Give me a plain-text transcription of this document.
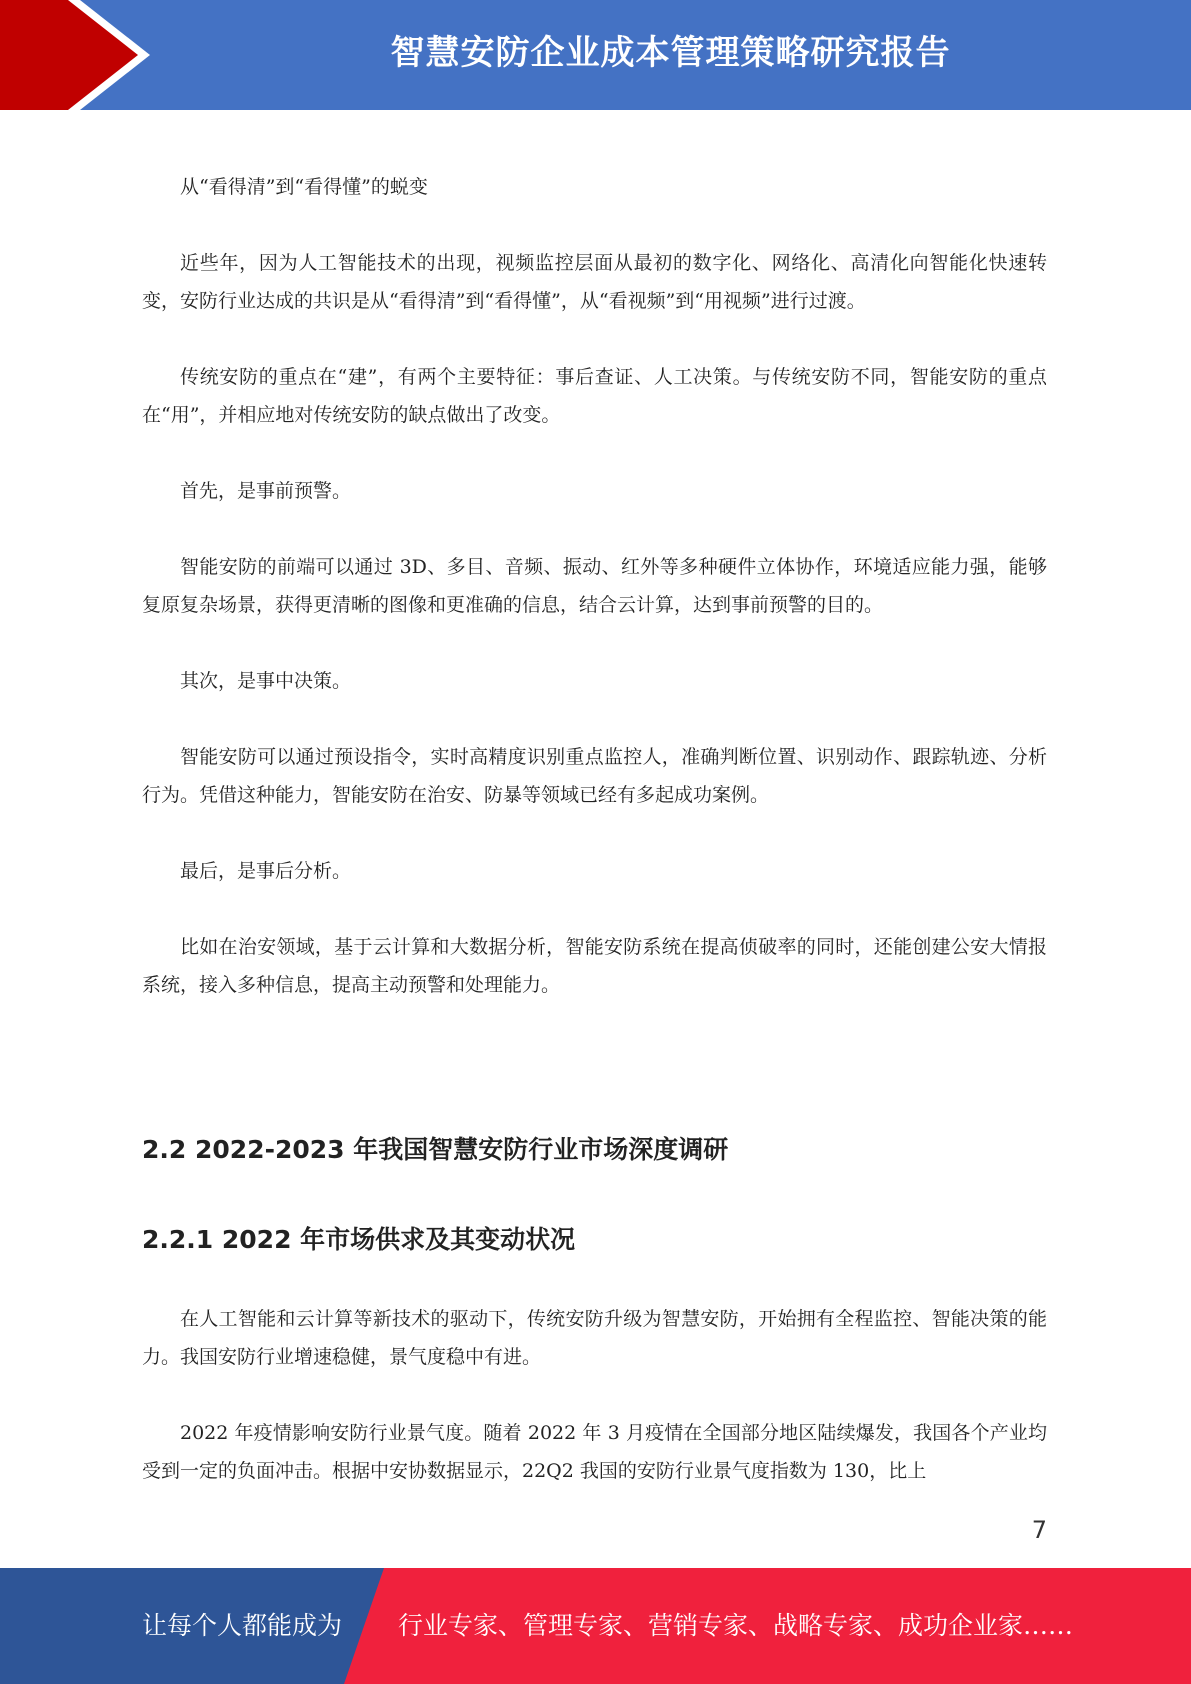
智慧安防企业成本管理策略研究报告

从“看得清”到“看得懂”的蜕变

近些年，因为人工智能技术的出现，视频监控层面从最初的数字化、网络化、高清化向智能化快速转变，安防行业达成的共识是从“看得清”到“看得懂”，从“看视频”到“用视频”进行过渡。

传统安防的重点在“建”，有两个主要特征：事后查证、人工决策。与传统安防不同，智能安防的重点在“用”，并相应地对传统安防的缺点做出了改变。

首先，是事前预警。

智能安防的前端可以通过 3D、多目、音频、振动、红外等多种硬件立体协作，环境适应能力强，能够复原复杂场景，获得更清晰的图像和更准确的信息，结合云计算，达到事前预警的目的。

其次，是事中决策。

智能安防可以通过预设指令，实时高精度识别重点监控人，准确判断位置、识别动作、跟踪轨迹、分析行为。凭借这种能力，智能安防在治安、防暴等领域已经有多起成功案例。

最后，是事后分析。

比如在治安领域，基于云计算和大数据分析，智能安防系统在提高侦破率的同时，还能创建公安大情报系统，接入多种信息，提高主动预警和处理能力。

2.2 2022-2023 年我国智慧安防行业市场深度调研
2.2.1 2022 年市场供求及其变动状况

在人工智能和云计算等新技术的驱动下，传统安防升级为智慧安防，开始拥有全程监控、智能决策的能力。我国安防行业增速稳健，景气度稳中有进。

2022 年疫情影响安防行业景气度。随着 2022 年 3 月疫情在全国部分地区陆续爆发，我国各个产业均受到一定的负面冲击。根据中安协数据显示，22Q2 我国的安防行业景气度指数为 130，比上

7
让每个人都能成为 行业专家、管理专家、营销专家、战略专家、成功企业家……
